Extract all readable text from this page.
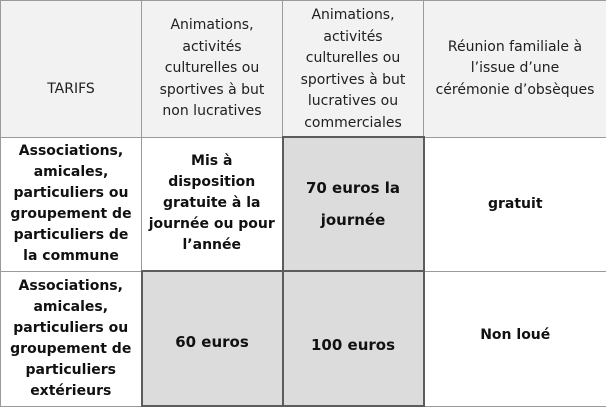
TARIFS	Animations, activités culturelles ou sportives à but non lucratives	Animations, activités culturelles ou sportives à but lucratives ou commerciales	Réunion familiale à l’issue d’une cérémonie d’obsèques
Associations, amicales, particuliers ou groupement de particuliers de la commune	Mis à disposition gratuite à la journée ou pour l’année	70 euros la journée	gratuit
Associations, amicales, particuliers ou groupement de particuliers extérieurs	60 euros	100 euros	Non loué
